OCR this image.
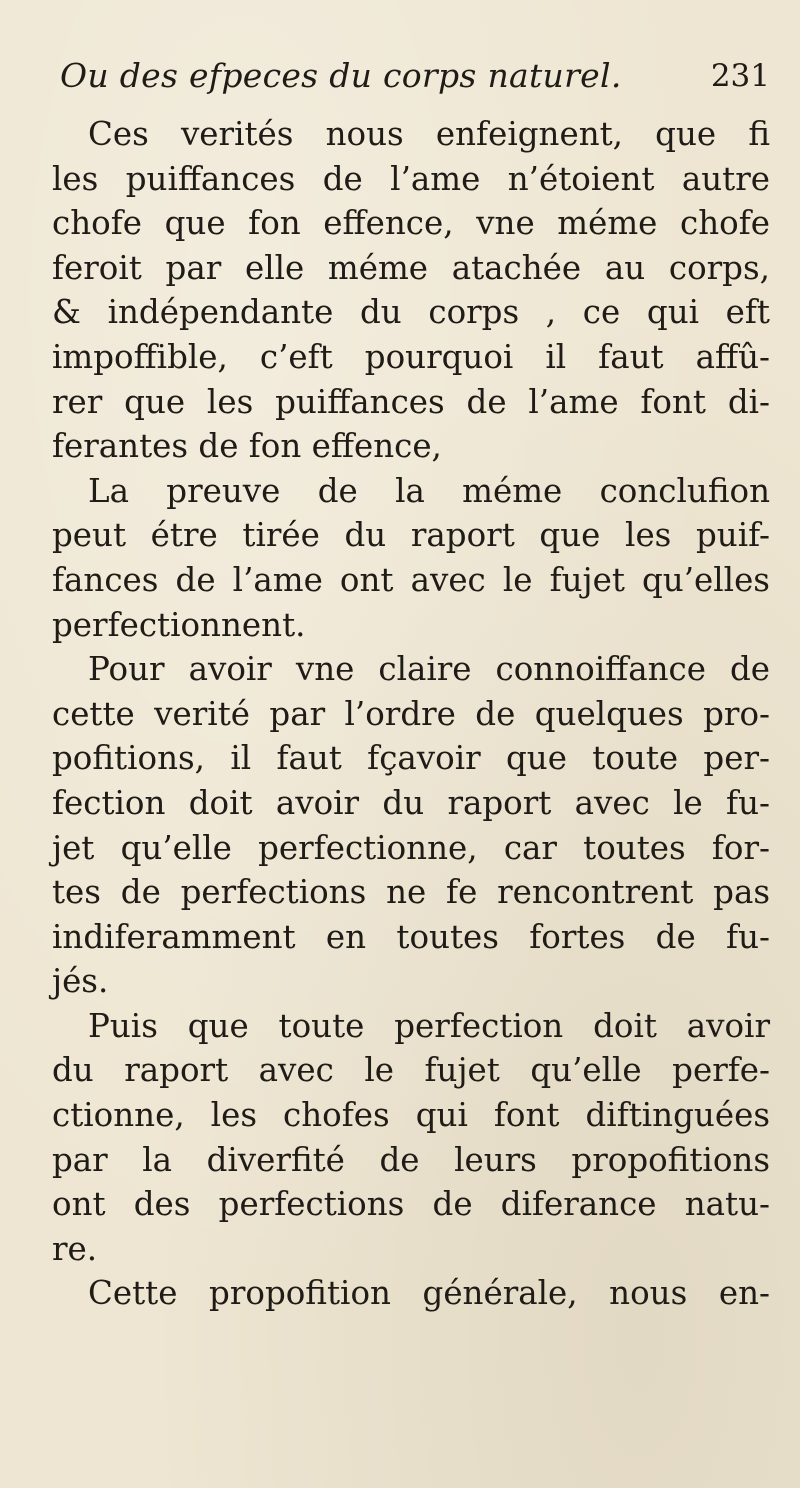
Ou des efpeces du corps naturel.	231
Ces verités nous enfeignent, que fi
les puiffances de l’ame n’étoient autre
chofe que fon effence, vne méme chofe
feroit par elle méme atachée au corps,
& indépendante du corps , ce qui eft
impoffible, c’eft pourquoi il faut affû-
rer que les puiffances de l’ame font di-
ferantes de fon effence,
La preuve de la méme conclufion
peut étre tirée du raport que les puif-
fances de l’ame ont avec le fujet qu’elles
perfectionnent.
Pour avoir vne claire connoiffance de
cette verité par l’ordre de quelques pro-
pofitions, il faut fçavoir que toute per-
fection doit avoir du raport avec le fu-
jet qu’elle perfectionne, car toutes for-
tes de perfections ne fe rencontrent pas
indiferamment en toutes fortes de fu-
jés.
Puis que toute perfection doit avoir
du raport avec le fujet qu’elle perfe-
ctionne, les chofes qui font diftinguées
par la diverfité de leurs propofitions
ont des perfections de diferance natu-
re.
Cette propofition générale, nous en-
